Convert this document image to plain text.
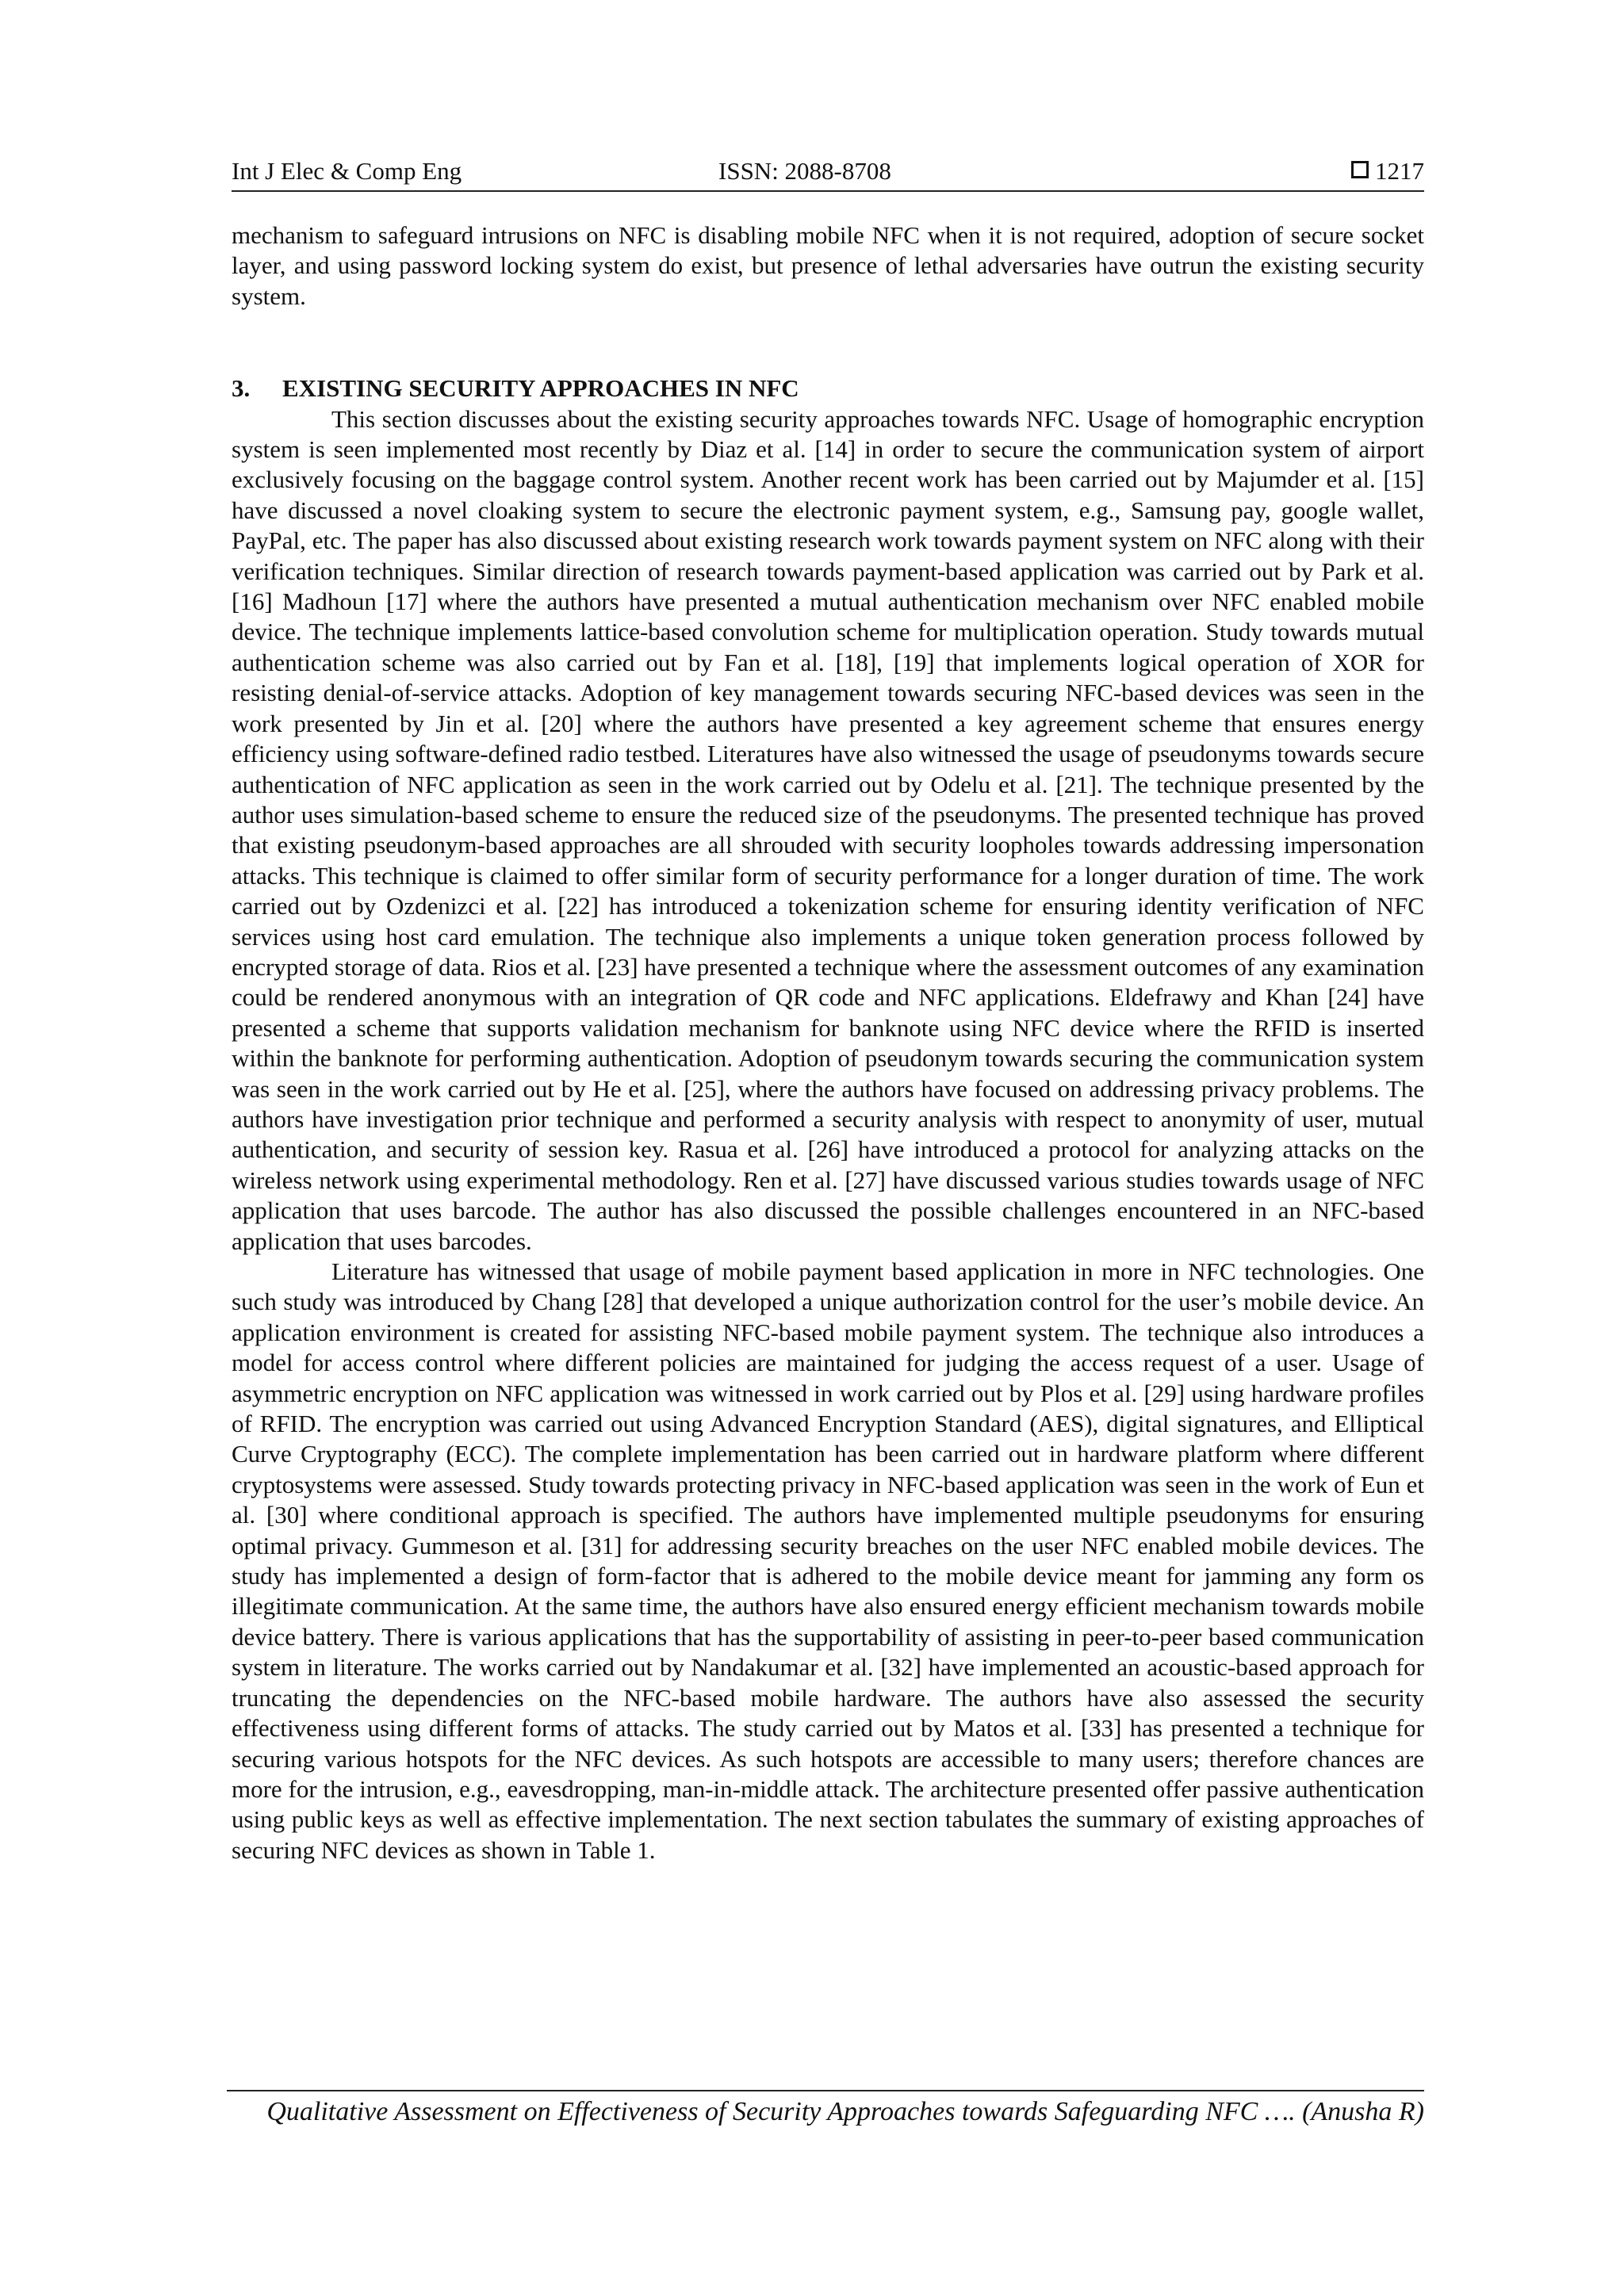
Int J Elec & Comp Eng	ISSN: 2088-8708	1217

mechanism to safeguard intrusions on NFC is disabling mobile NFC when it is not required, adoption of secure socket layer, and using password locking system do exist, but presence of lethal adversaries have outrun the existing security system.

3. EXISTING SECURITY APPROACHES IN NFC

This section discusses about the existing security approaches towards NFC. Usage of homographic encryption system is seen implemented most recently by Diaz et al. [14] in order to secure the communication system of airport exclusively focusing on the baggage control system. Another recent work has been carried out by Majumder et al. [15] have discussed a novel cloaking system to secure the electronic payment system, e.g., Samsung pay, google wallet, PayPal, etc. The paper has also discussed about existing research work towards payment system on NFC along with their verification techniques. Similar direction of research towards payment-based application was carried out by Park et al. [16] Madhoun [17] where the authors have presented a mutual authentication mechanism over NFC enabled mobile device. The technique implements lattice-based convolution scheme for multiplication operation. Study towards mutual authentication scheme was also carried out by Fan et al. [18], [19] that implements logical operation of XOR for resisting denial-of-service attacks. Adoption of key management towards securing NFC-based devices was seen in the work presented by Jin et al. [20] where the authors have presented a key agreement scheme that ensures energy efficiency using software-defined radio testbed. Literatures have also witnessed the usage of pseudonyms towards secure authentication of NFC application as seen in the work carried out by Odelu et al. [21]. The technique presented by the author uses simulation-based scheme to ensure the reduced size of the pseudonyms. The presented technique has proved that existing pseudonym-based approaches are all shrouded with security loopholes towards addressing impersonation attacks. This technique is claimed to offer similar form of security performance for a longer duration of time. The work carried out by Ozdenizci et al. [22] has introduced a tokenization scheme for ensuring identity verification of NFC services using host card emulation. The technique also implements a unique token generation process followed by encrypted storage of data. Rios et al. [23] have presented a technique where the assessment outcomes of any examination could be rendered anonymous with an integration of QR code and NFC applications. Eldefrawy and Khan [24] have presented a scheme that supports validation mechanism for banknote using NFC device where the RFID is inserted within the banknote for performing authentication. Adoption of pseudonym towards securing the communication system was seen in the work carried out by He et al. [25], where the authors have focused on addressing privacy problems. The authors have investigation prior technique and performed a security analysis with respect to anonymity of user, mutual authentication, and security of session key. Rasua et al. [26] have introduced a protocol for analyzing attacks on the wireless network using experimental methodology. Ren et al. [27] have discussed various studies towards usage of NFC application that uses barcode. The author has also discussed the possible challenges encountered in an NFC-based application that uses barcodes.

Literature has witnessed that usage of mobile payment based application in more in NFC technologies. One such study was introduced by Chang [28] that developed a unique authorization control for the user’s mobile device. An application environment is created for assisting NFC-based mobile payment system. The technique also introduces a model for access control where different policies are maintained for judging the access request of a user. Usage of asymmetric encryption on NFC application was witnessed in work carried out by Plos et al. [29] using hardware profiles of RFID. The encryption was carried out using Advanced Encryption Standard (AES), digital signatures, and Elliptical Curve Cryptography (ECC). The complete implementation has been carried out in hardware platform where different cryptosystems were assessed. Study towards protecting privacy in NFC-based application was seen in the work of Eun et al. [30] where conditional approach is specified. The authors have implemented multiple pseudonyms for ensuring optimal privacy. Gummeson et al. [31] for addressing security breaches on the user NFC enabled mobile devices. The study has implemented a design of form-factor that is adhered to the mobile device meant for jamming any form os illegitimate communication. At the same time, the authors have also ensured energy efficient mechanism towards mobile device battery. There is various applications that has the supportability of assisting in peer-to-peer based communication system in literature. The works carried out by Nandakumar et al. [32] have implemented an acoustic-based approach for truncating the dependencies on the NFC-based mobile hardware. The authors have also assessed the security effectiveness using different forms of attacks. The study carried out by Matos et al. [33] has presented a technique for securing various hotspots for the NFC devices. As such hotspots are accessible to many users; therefore chances are more for the intrusion, e.g., eavesdropping, man-in-middle attack. The architecture presented offer passive authentication using public keys as well as effective implementation. The next section tabulates the summary of existing approaches of securing NFC devices as shown in Table 1.

Qualitative Assessment on Effectiveness of Security Approaches towards Safeguarding NFC …. (Anusha R)
